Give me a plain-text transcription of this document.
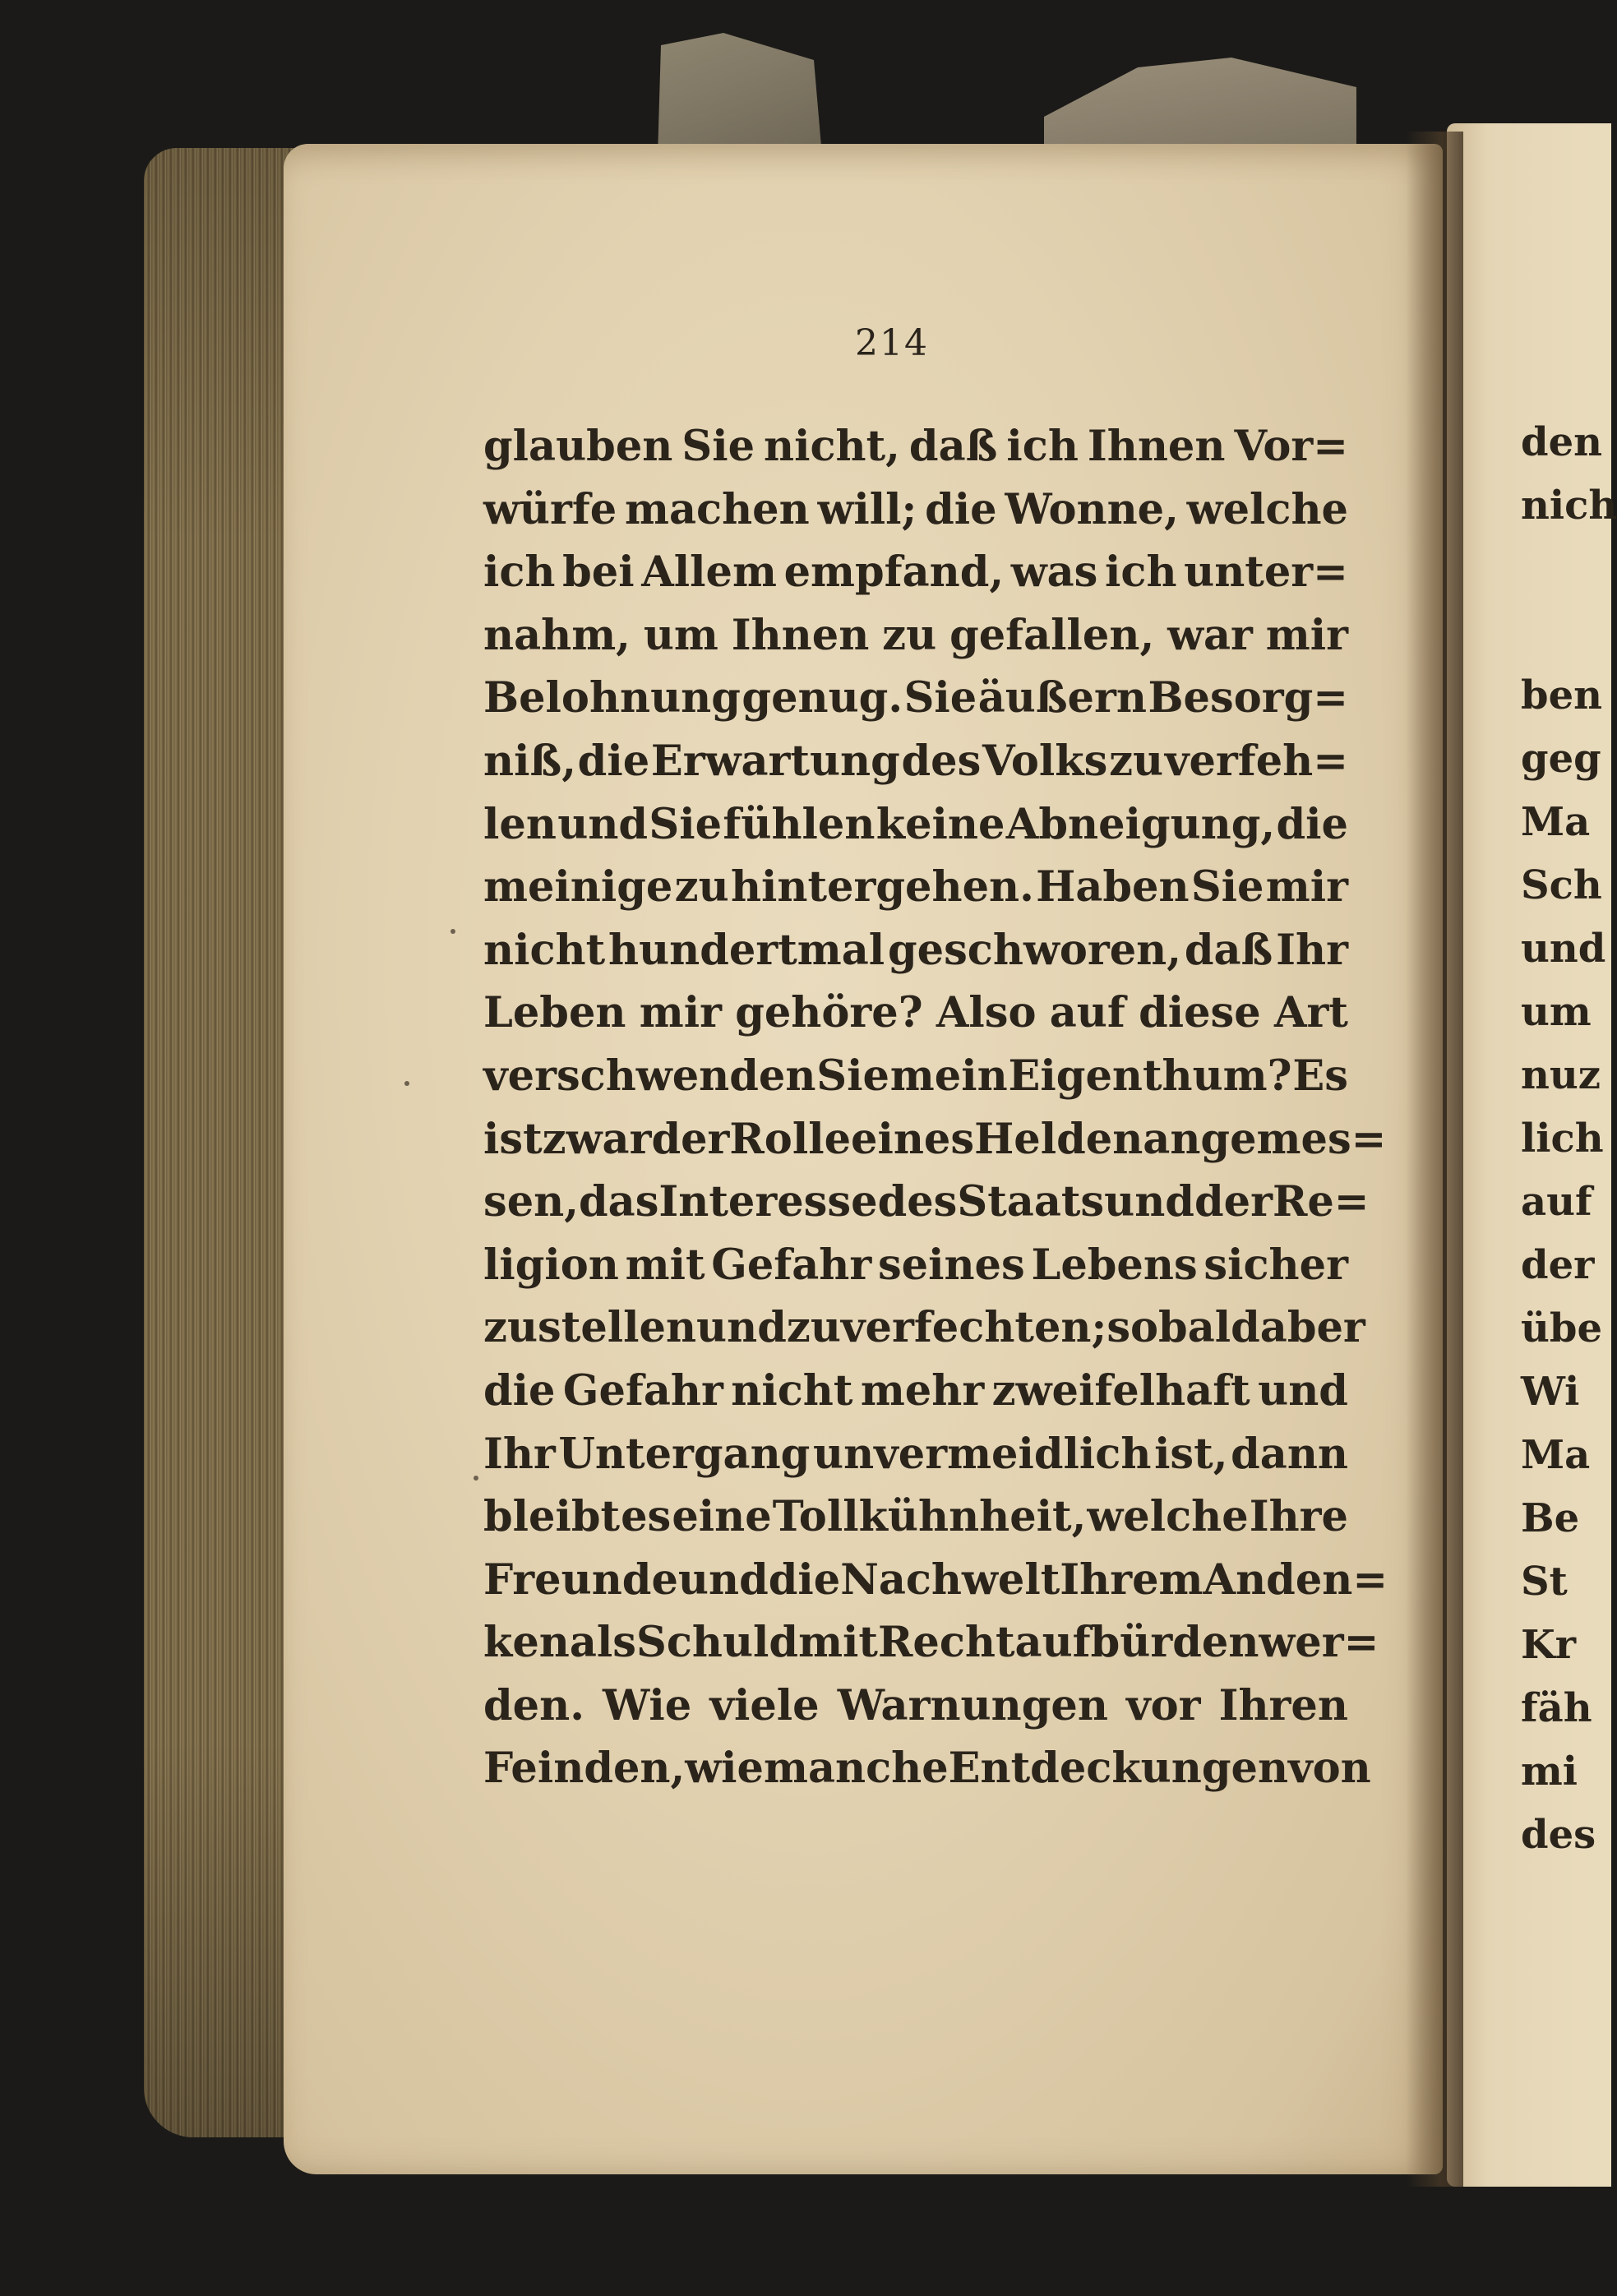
214
glauben Sie nicht, daß ich Ihnen Vor=
würfe machen will; die Wonne, welche
ich bei Allem empfand, was ich unter=
nahm, um Ihnen zu gefallen, war mir
Belohnung genug. Sie äußern Besorg=
niß, die Erwartung des Volks zu verfeh=
len und Sie fühlen keine Abneigung, die
meinige zu hintergehen. Haben Sie mir
nicht hundertmal geschworen, daß Ihr
Leben mir gehöre? Also auf diese Art
verschwenden Sie mein Eigenthum? Es
ist zwar der Rolle eines Helden angemes=
sen, das Interesse des Staats und der Re=
ligion mit Gefahr seines Lebens sicher
zu stellen und zu verfechten; sobald aber
die Gefahr nicht mehr zweifelhaft und
Ihr Untergang unvermeidlich ist, dann
bleibt es eine Tollkühnheit, welche Ihre
Freunde und die Nachwelt Ihrem Anden=
ken als Schuld mit Recht aufbürden wer=
den. Wie viele Warnungen vor Ihren
Feinden, wie manche Entdeckungen von
den
nich
ben
geg
Ma
Sch
und
um
nuz
lich
auf
der
übe
Wi
Ma
Be
St
Kr
fäh
mi
des
